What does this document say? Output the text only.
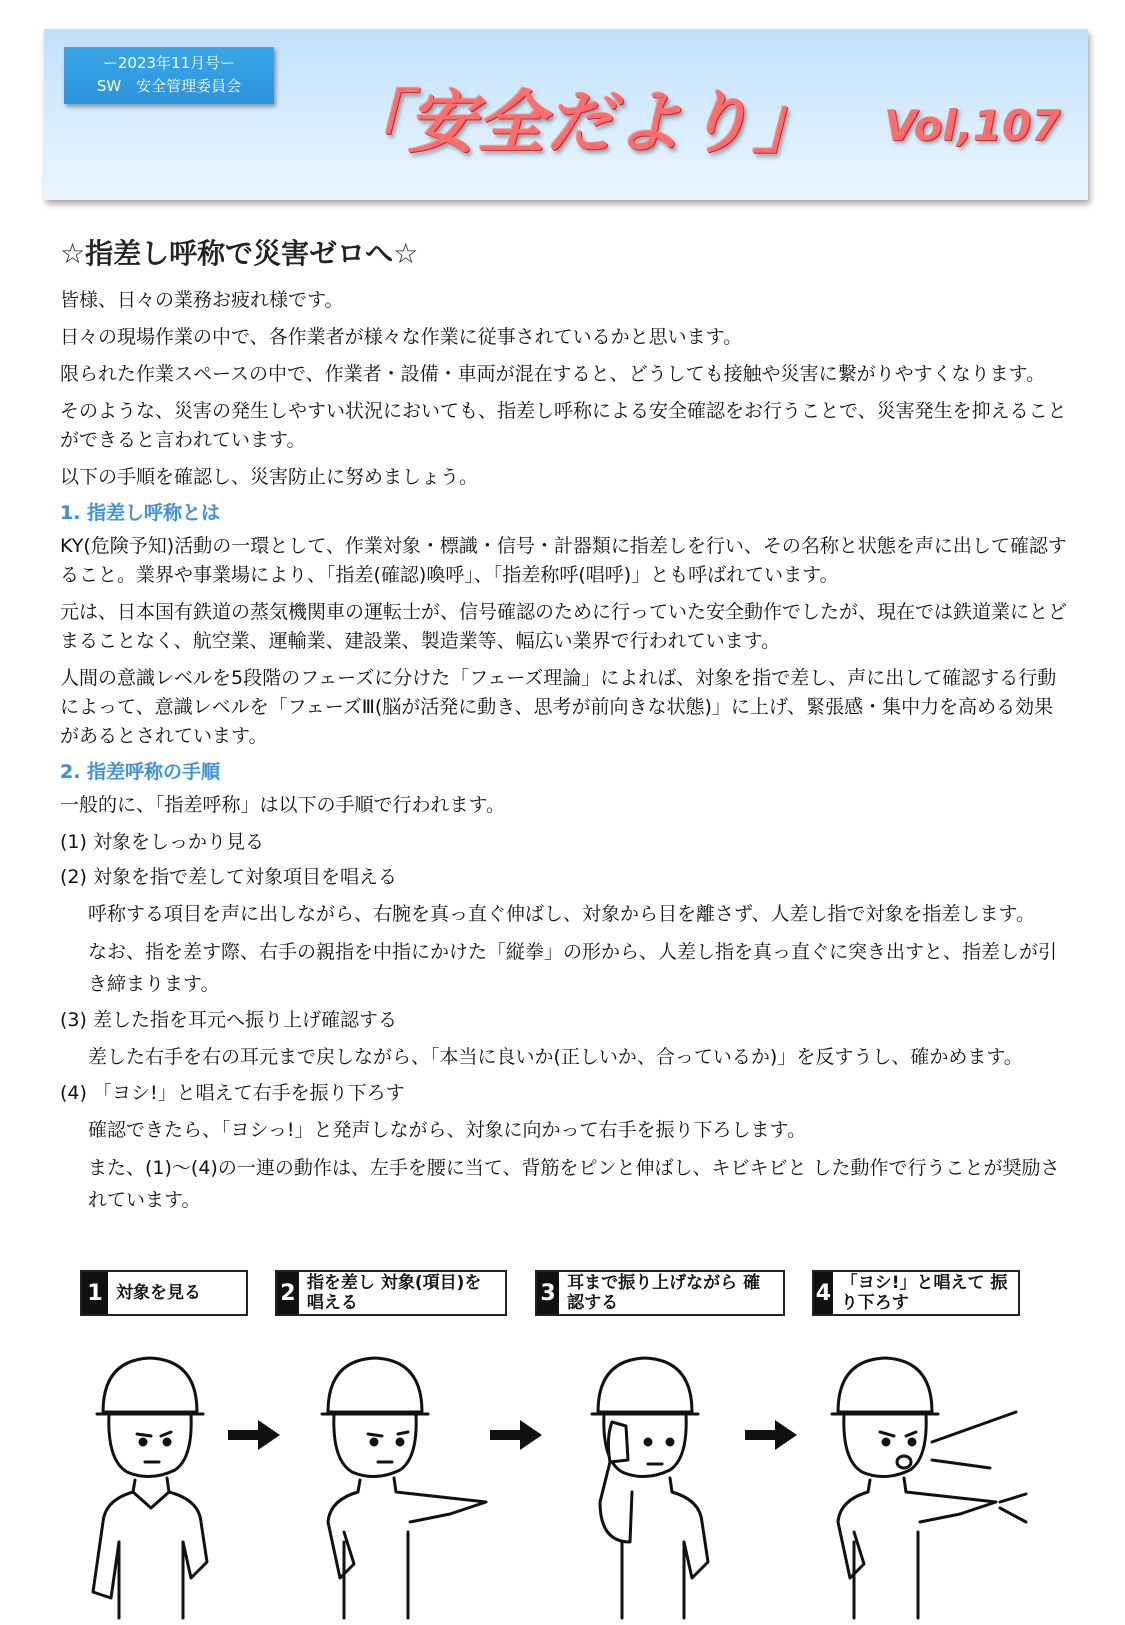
ー2023年11月号ー
SW　安全管理委員会	「安全だより」 Vol,107
☆指差し呼称で災害ゼロへ☆

皆様、日々の業務お疲れ様です。

日々の現場作業の中で、各作業者が様々な作業に従事されているかと思います。

限られた作業スペースの中で、作業者・設備・車両が混在すると、どうしても接触や災害に繋がりやすくなります。

そのような、災害の発生しやすい状況においても、指差し呼称による安全確認をお行うことで、災害発生を抑えることができると言われています。

以下の手順を確認し、災害防止に努めましょう。

1. 指差し呼称とは

KY(危険予知)活動の一環として、作業対象・標識・信号・計器類に指差しを行い、その名称と状態を声に出して確認すること。業界や事業場により、「指差(確認)喚呼」、「指差称呼(唱呼)」とも呼ばれています。

元は、日本国有鉄道の蒸気機関車の運転士が、信号確認のために行っていた安全動作でしたが、現在では鉄道業にとどまることなく、航空業、運輸業、建設業、製造業等、幅広い業界で行われています。

人間の意識レベルを5段階のフェーズに分けた「フェーズ理論」によれば、対象を指で差し、声に出して確認する行動によって、意識レベルを「フェーズⅢ(脳が活発に動き、思考が前向きな状態)」に上げ、緊張感・集中力を高める効果があるとされています。

2. 指差呼称の手順

一般的に、「指差呼称」は以下の手順で行われます。

(1) 対象をしっかり見る
(2) 対象を指で差して対象項目を唱える
呼称する項目を声に出しながら、右腕を真っ直ぐ伸ばし、対象から目を離さず、人差し指で対象を指差します。
なお、指を差す際、右手の親指を中指にかけた「縦拳」の形から、人差し指を真っ直ぐに突き出すと、指差しが引き締まります。
(3) 差した指を耳元へ振り上げ確認する
差した右手を右の耳元まで戻しながら、「本当に良いか(正しいか、合っているか)」を反すうし、確かめます。
(4) 「ヨシ!」と唱えて右手を振り下ろす
確認できたら、「ヨシっ!」と発声しながら、対象に向かって右手を振り下ろします。
また、(1)〜(4)の一連の動作は、左手を腰に当て、背筋をピンと伸ばし、キビキビと した動作で行うことが奨励されています。
1 対象を見る	2 指を差し 対象(項目)を唱える	3 耳まで振り上げながら 確認する	4 「ヨシ!」と唱えて 振り下ろす
